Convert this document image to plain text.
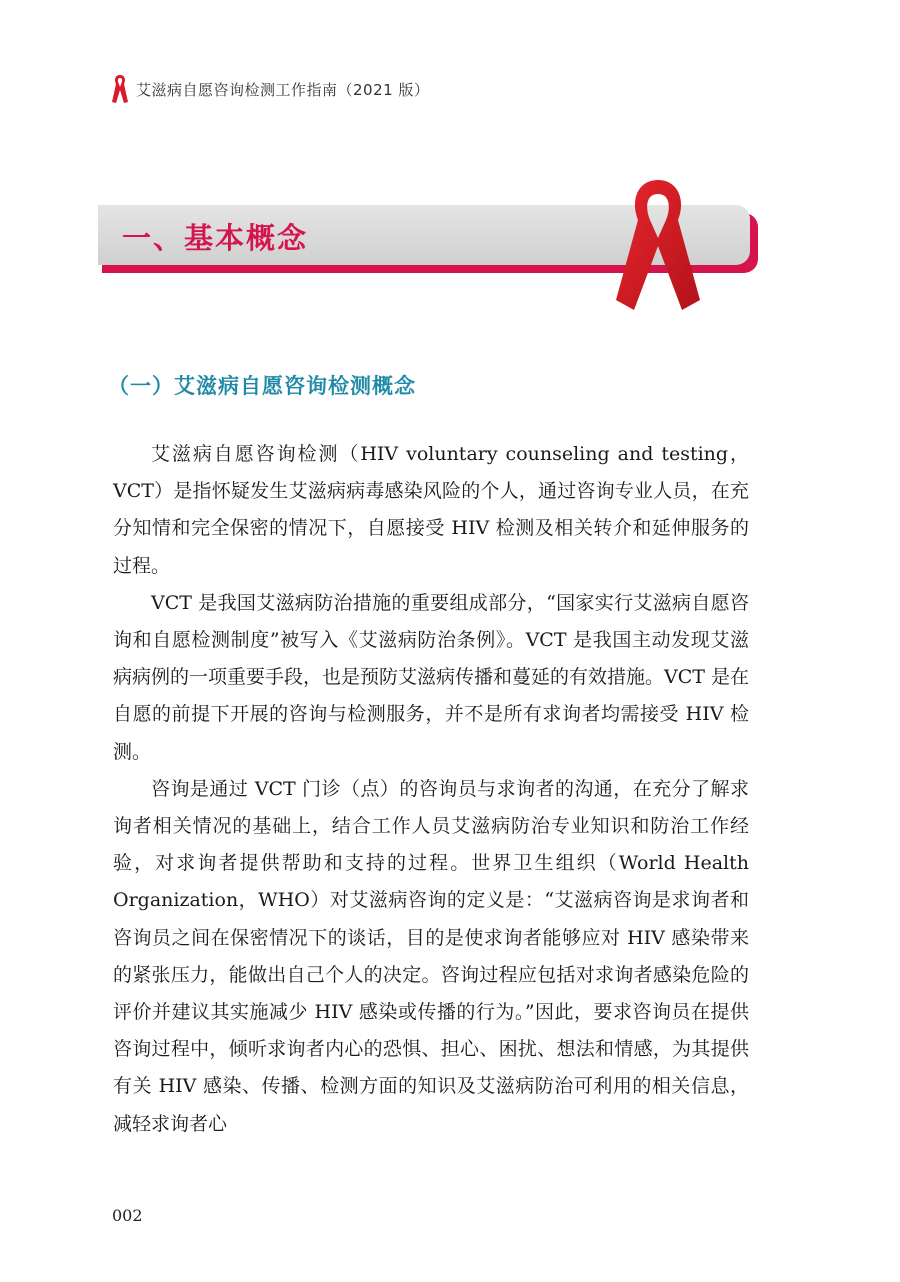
艾滋病自愿咨询检测工作指南（2021 版）
一、基本概念
（一）艾滋病自愿咨询检测概念

艾滋病自愿咨询检测（HIV voluntary counseling and testing，VCT）是指怀疑发生艾滋病病毒感染风险的个人，通过咨询专业人员，在充分知情和完全保密的情况下，自愿接受 HIV 检测及相关转介和延伸服务的过程。

VCT 是我国艾滋病防治措施的重要组成部分，“国家实行艾滋病自愿咨询和自愿检测制度”被写入《艾滋病防治条例》。VCT 是我国主动发现艾滋病病例的一项重要手段，也是预防艾滋病传播和蔓延的有效措施。VCT 是在自愿的前提下开展的咨询与检测服务，并不是所有求询者均需接受 HIV 检测。

咨询是通过 VCT 门诊（点）的咨询员与求询者的沟通，在充分了解求询者相关情况的基础上，结合工作人员艾滋病防治专业知识和防治工作经验，对求询者提供帮助和支持的过程。世界卫生组织（World Health Organization，WHO）对艾滋病咨询的定义是：“艾滋病咨询是求询者和咨询员之间在保密情况下的谈话，目的是使求询者能够应对 HIV 感染带来的紧张压力，能做出自己个人的决定。咨询过程应包括对求询者感染危险的评价并建议其实施减少 HIV 感染或传播的行为。”因此，要求咨询员在提供咨询过程中，倾听求询者内心的恐惧、担心、困扰、想法和情感，为其提供有关 HIV 感染、传播、检测方面的知识及艾滋病防治可利用的相关信息，减轻求询者心

002
